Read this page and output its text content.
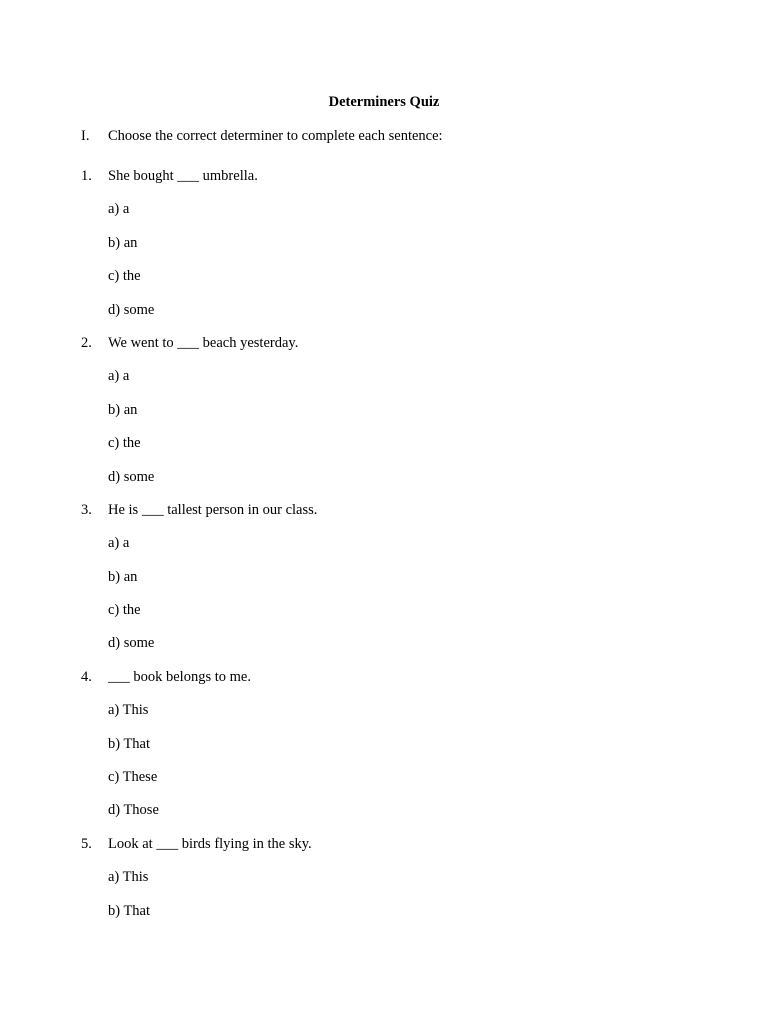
Determiners Quiz
I. Choose the correct determiner to complete each sentence:
1. She bought ___ umbrella.
a) a
b) an
c) the
d) some
2. We went to ___ beach yesterday.
a) a
b) an
c) the
d) some
3. He is ___ tallest person in our class.
a) a
b) an
c) the
d) some
4. ___ book belongs to me.
a) This
b) That
c) These
d) Those
5. Look at ___ birds flying in the sky.
a) This
b) That
